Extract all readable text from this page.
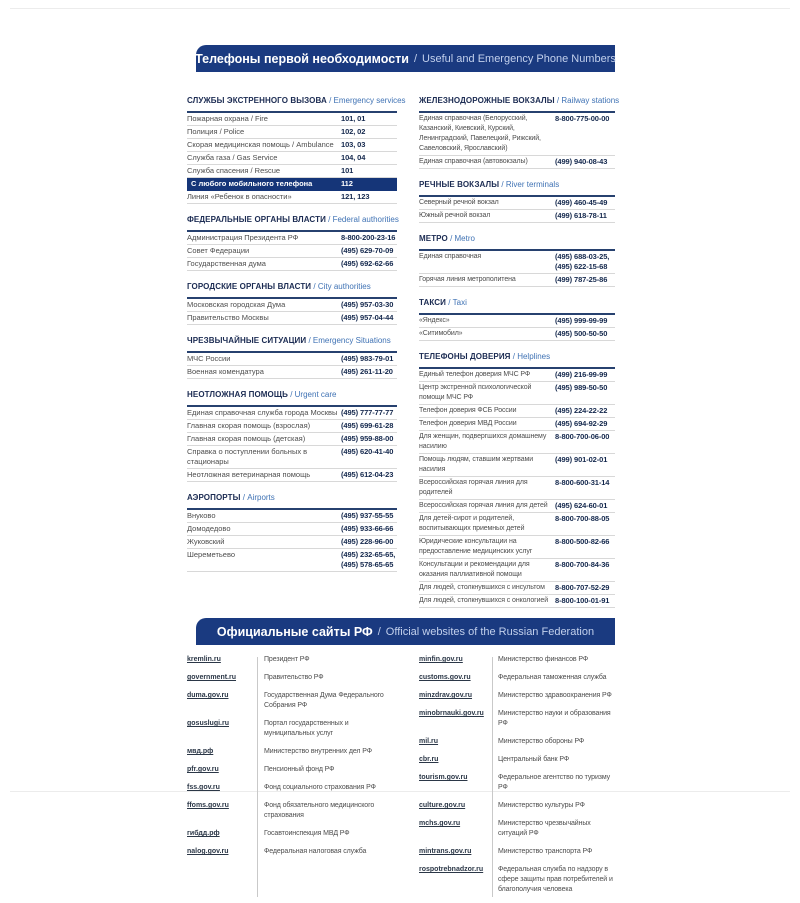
Телефоны первой необходимости / Useful and Emergency Phone Numbers
СЛУЖБЫ ЭКСТРЕННОГО ВЫЗОВА / Emergency services
Пожарная охрана / Fire	101, 01
Полиция / Police	102, 02
Скорая медицинская помощь / Ambulance 103, 03
Служба газа / Gas Service	104, 04
Служба спасения / Rescue	101
С любого мобильного телефона	112
Линия «Ребенок в опасности»	121, 123
ФЕДЕРАЛЬНЫЕ ОРГАНЫ ВЛАСТИ / Federal authorities
Администрация Президента РФ	8-800-200-23-16
Совет Федерации	(495) 629-70-09
Государственная дума	(495) 692-62-66
ГОРОДСКИЕ ОРГАНЫ ВЛАСТИ / City authorities
Московская городская Дума	(495) 957-03-30
Правительство Москвы	(495) 957-04-44
ЧРЕЗВЫЧАЙНЫЕ СИТУАЦИИ / Emergency Situations
МЧС России	(495) 983-79-01
Военная комендатура	(495) 261-11-20
НЕОТЛОЖНАЯ ПОМОЩЬ / Urgent care
Единая справочная служба города Москвы (495) 777-77-77
Главная скорая помощь (взрослая)	(495) 699-61-28
Главная скорая помощь (детская)	(495) 959-88-00
Справка о поступлении больных в стационары
(495) 620-41-40
Неотложная ветеринарная помощь	(495) 612-04-23
АЭРОПОРТЫ / Airports
Внуково	(495) 937-55-55
Домодедово	(495) 933-66-66
Жуковский	(495) 228-96-00
Шереметьево	(495) 232-65-65,
(495) 578-65-65
ЖЕЛЕЗНОДОРОЖНЫЕ ВОКЗАЛЫ / Railway stations
Единая справочная (Белорусский, Казанский, Киевский, Курский, Ленинградский, Павелецкий, Рижский, Савеловский, Ярославский)
8-800-775-00-00
Единая справочная (автовокзалы)	(499) 940-08-43
РЕЧНЫЕ ВОКЗАЛЫ / River terminals
Северный речной вокзал	(499) 460-45-49
Южный речной вокзал	(499) 618-78-11
МЕТРО / Metro
Единая справочная	(495) 688-03-25,
(495) 622-15-68
Горячая линия метрополитена	(499) 787-25-86
ТАКСИ / Taxi
«Яндекс»	(495) 999-99-99
«Ситимобил»	(495) 500-50-50
ТЕЛЕФОНЫ ДОВЕРИЯ / Helplines
Единый телефон доверия МЧС РФ	(499) 216-99-99
Центр экстренной психологической помощи МЧС РФ
(495) 989-50-50
Телефон доверия ФСБ России	(495) 224-22-22
Телефон доверия МВД России	(495) 694-92-29
Для женщин, подвергшихся домашнему насилию
8-800-700-06-00
Помощь людям, ставшим жертвами насилия
(499) 901-02-01
Всероссийская горячая линия для родителей
8-800-600-31-14
Всероссийская горячая линия для детей (495) 624-60-01
Для детей-сирот и родителей, воспитывающих приемных детей
8-800-700-88-05
Юридические консультации на предоставление медицинских услуг
8-800-500-82-66
Консультации и рекомендации для оказания паллиативной помощи
8-800-700-84-36
Для людей, столкнувшихся с инсультом	8-800-707-52-29
Для людей, столкнувшихся с онкологией 8-800-100-01-91
Официальные сайты РФ / Official websites of the Russian Federation
kremlin.ru	Президент РФ
government.ru	Правительство РФ
duma.gov.ru	Государственная Дума Федерального Собрания РФ
gosuslugi.ru	Портал государственных и муниципальных услуг
мвд.рф	Министерство внутренних дел РФ
pfr.gov.ru	Пенсионный фонд РФ
fss.gov.ru	Фонд социального страхования РФ
ffoms.gov.ru	Фонд обязательного медицинского страхования
гибдд.рф	Госавтоинспекция МВД РФ
nalog.gov.ru	Федеральная налоговая служба
minfin.gov.ru	Министерство финансов РФ
customs.gov.ru	Федеральная таможенная служба
minzdrav.gov.ru	Министерство здравоохранения РФ
minobrnauki.gov.ru	Министерство науки и образования РФ
mil.ru	Министерство обороны РФ
cbr.ru	Центральный банк РФ
tourism.gov.ru	Федеральное агентство по туризму РФ
culture.gov.ru	Министерство культуры РФ
mchs.gov.ru	Министерство чрезвычайных ситуаций РФ
mintrans.gov.ru	Министерство транспорта РФ
rospotrebnadzor.ru	Федеральная служба по надзору в сфере защиты прав потребителей и благополучия человека
